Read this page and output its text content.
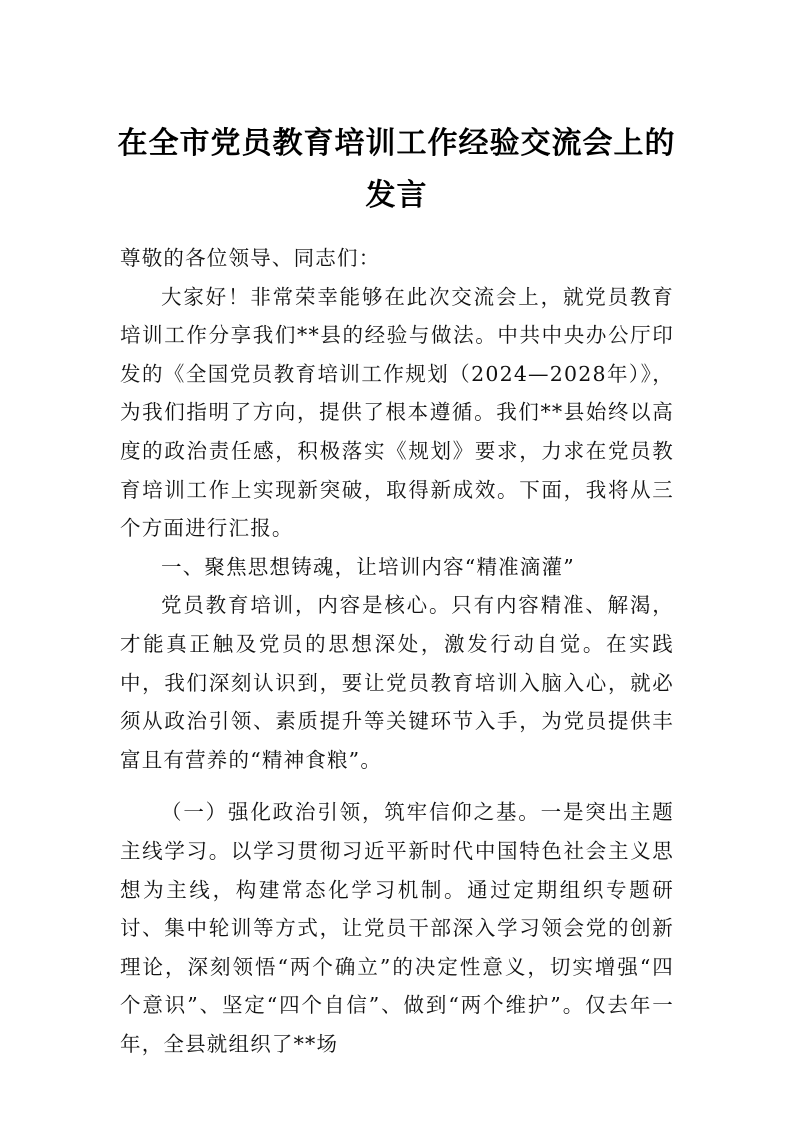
在全市党员教育培训工作经验交流会上的发言

尊敬的各位领导、同志们：

大家好！非常荣幸能够在此次交流会上，就党员教育培训工作分享我们**县的经验与做法。中共中央办公厅印发的《全国党员教育培训工作规划（2024—2028年）》，为我们指明了方向，提供了根本遵循。我们**县始终以高度的政治责任感，积极落实《规划》要求，力求在党员教育培训工作上实现新突破，取得新成效。下面，我将从三个方面进行汇报。

一、聚焦思想铸魂，让培训内容“精准滴灌”

党员教育培训，内容是核心。只有内容精准、解渴，才能真正触及党员的思想深处，激发行动自觉。在实践中，我们深刻认识到，要让党员教育培训入脑入心，就必须从政治引领、素质提升等关键环节入手，为党员提供丰富且有营养的“精神食粮”。

（一）强化政治引领，筑牢信仰之基。一是突出主题主线学习。以学习贯彻习近平新时代中国特色社会主义思想为主线，构建常态化学习机制。通过定期组织专题研讨、集中轮训等方式，让党员干部深入学习领会党的创新理论，深刻领悟“两个确立”的决定性意义，切实增强“四个意识”、坚定“四个自信”、做到“两个维护”。仅去年一年，全县就组织了**场
